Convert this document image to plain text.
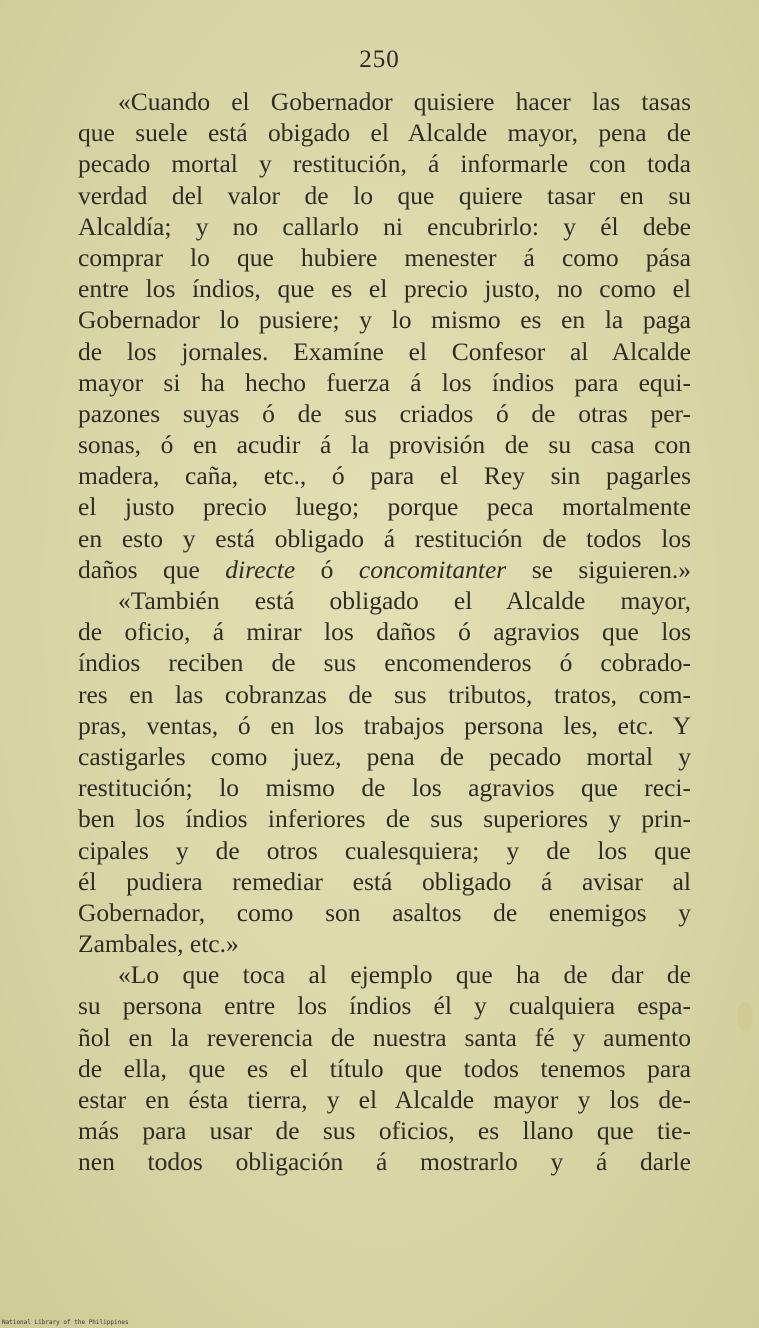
250
«Cuando el Gobernador quisiere hacer las tasas
que suele está obigado el Alcalde mayor, pena de
pecado mortal y restitución, á informarle con toda
verdad del valor de lo que quiere tasar en su
Alcaldía; y no callarlo ni encubrirlo: y él debe
comprar lo que hubiere menester á como pása
entre los índios, que es el precio justo, no como el
Gobernador lo pusiere; y lo mismo es en la paga
de los jornales. Examíne el Confesor al Alcalde
mayor si ha hecho fuerza á los índios para equi-
pazones suyas ó de sus criados ó de otras per-
sonas, ó en acudir á la provisión de su casa con
madera, caña, etc., ó para el Rey sin pagarles
el justo precio luego; porque peca mortalmente
en esto y está obligado á restitución de todos los
daños que directe ó concomitanter se siguieren.»
«También está obligado el Alcalde mayor,
de oficio, á mirar los daños ó agravios que los
índios reciben de sus encomenderos ó cobrado-
res en las cobranzas de sus tributos, tratos, com-
pras, ventas, ó en los trabajos persona les, etc. Y
castigarles como juez, pena de pecado mortal y
restitución; lo mismo de los agravios que reci-
ben los índios inferiores de sus superiores y prin-
cipales y de otros cualesquiera; y de los que
él pudiera remediar está obligado á avisar al
Gobernador, como son asaltos de enemigos y
Zambales, etc.»
«Lo que toca al ejemplo que ha de dar de
su persona entre los índios él y cualquiera espa-
ñol en la reverencia de nuestra santa fé y aumento
de ella, que es el título que todos tenemos para
estar en ésta tierra, y el Alcalde mayor y los de-
más para usar de sus oficios, es llano que tie-
nen todos obligación á mostrarlo y á darle
National Library of the Philippines
